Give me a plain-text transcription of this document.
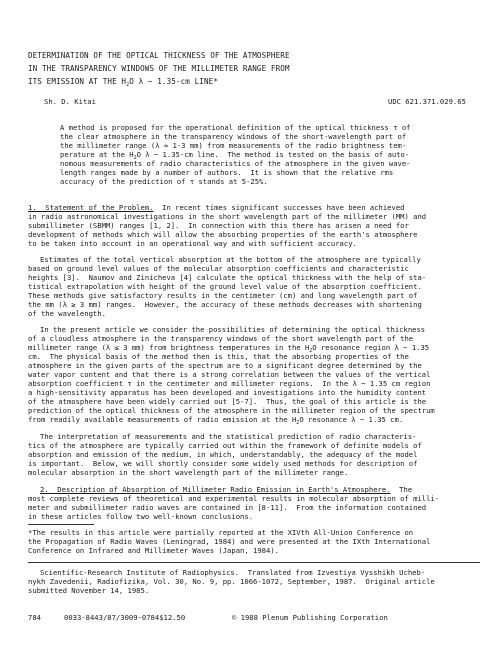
DETERMINATION OF THE OPTICAL THICKNESS OF THE ATMOSPHERE
IN THE TRANSPARENCY WINDOWS OF THE MILLIMETER RANGE FROM
ITS EMISSION AT THE H2O λ ~ 1.35-cm LINE*
Sh. D. Kitai	UDC 621.371.029.65
A method is proposed for the operational definition of the optical thickness τ of
the clear atmosphere in the transparency windows of the short-wavelength part of
the millimeter range (λ ≈ 1-3 mm) from measurements of the radio brightness tem-
perature at the $H_2O$ λ ~ 1.35-cm line.  The method is tested on the basis of auto-
nomous measurements of radio characteristics of the atmosphere in the given wave-
length ranges made by a number of authors.  It is shown that the relative rms
accuracy of the prediction of τ stands at 5-25%.
1.  Statement of the Problem.  In recent times significant successes have been achieved
in radio astronomical investigations in the short wavelength part of the millimeter (MM) and
submillimeter (SBMM) ranges [1, 2].  In connection with this there has arisen a need for
development of methods which will allow the absorbing properties of the earth's atmosphere
to be taken into account in an operational way and with sufficient accuracy.
Estimates of the total vertical absorption at the bottom of the atmosphere are typically
based on ground level values of the molecular absorption coefficients and characteristic
heights [3].  Naumov and Zinicheva [4] calculate the optical thickness with the help of sta-
tistical extrapolation with height of the ground level value of the absorption coefficient.
These methods give satisfactory results in the centimeter (cm) and long wavelength part of
the mm (λ ≥ 3 mm) ranges.  However, the accuracy of these methods decreases with shortening
of the wavelength.
In the present article we consider the possibilities of determining the optical thickness
of a cloudless atmosphere in the transparency windows of the short wavelength part of the
millimeter range (λ ≤ 3 mm) from brightness temperatures in the $H_2O$ resonance region λ ~ 1.35
cm.  The physical basis of the method then is this, that the absorbing properties of the
atmosphere in the given parts of the spectrum are to a significant degree determined by the
water vapor content and that there is a strong correlation between the values of the vertical
absorption coefficient τ in the centimeter and millimeter regions.  In the λ ~ 1.35 cm region
a high-sensitivity apparatus has been developed and investigations into the humidity content
of the atmosphere have been widely carried out [5-7].  Thus, the goal of this article is the
prediction of the optical thickness of the atmosphere in the millimeter region of the spectrum
from readily available measurements of radio emission at the $H_2O$ resonance λ ~ 1.35 cm.
The interpretation of measurements and the statistical prediction of radio characteris-
tics of the atmosphere are typically carried out within the framework of definite models of
absorption and emission of the medium, in which, understandably, the adequacy of the model
is important.  Below, we will shortly consider some widely used methods for description of
molecular absorption in the short wavelength part of the millimeter range.
2.  Description of Absorption of Millimeter Radio Emission in Earth's Atmosphere.  The
most complete reviews of theoretical and experimental results in molecular absorption of milli-
meter and submillimeter radio waves are contained in [8-11].  From the information contained
in these articles follow two well-known conclusions.
*The results in this article were partially reported at the XIVth All-Union Conference on
the Propagation of Radio Waves (Leningrad, 1984) and were presented at the IXth International
Conference on Infrared and Millimeter Waves (Japan, 1984).
Scientific-Research Institute of Radiophysics.  Translated from Izvestiya Vysshikh Ucheb-
nykh Zavedenii, Radiofizika, Vol. 30, No. 9, pp. 1066-1072, September, 1987.  Original article
submitted November 14, 1985.
784	0033-8443/87/3009-0784$12.50	© 1988 Plenum Publishing Corporation
